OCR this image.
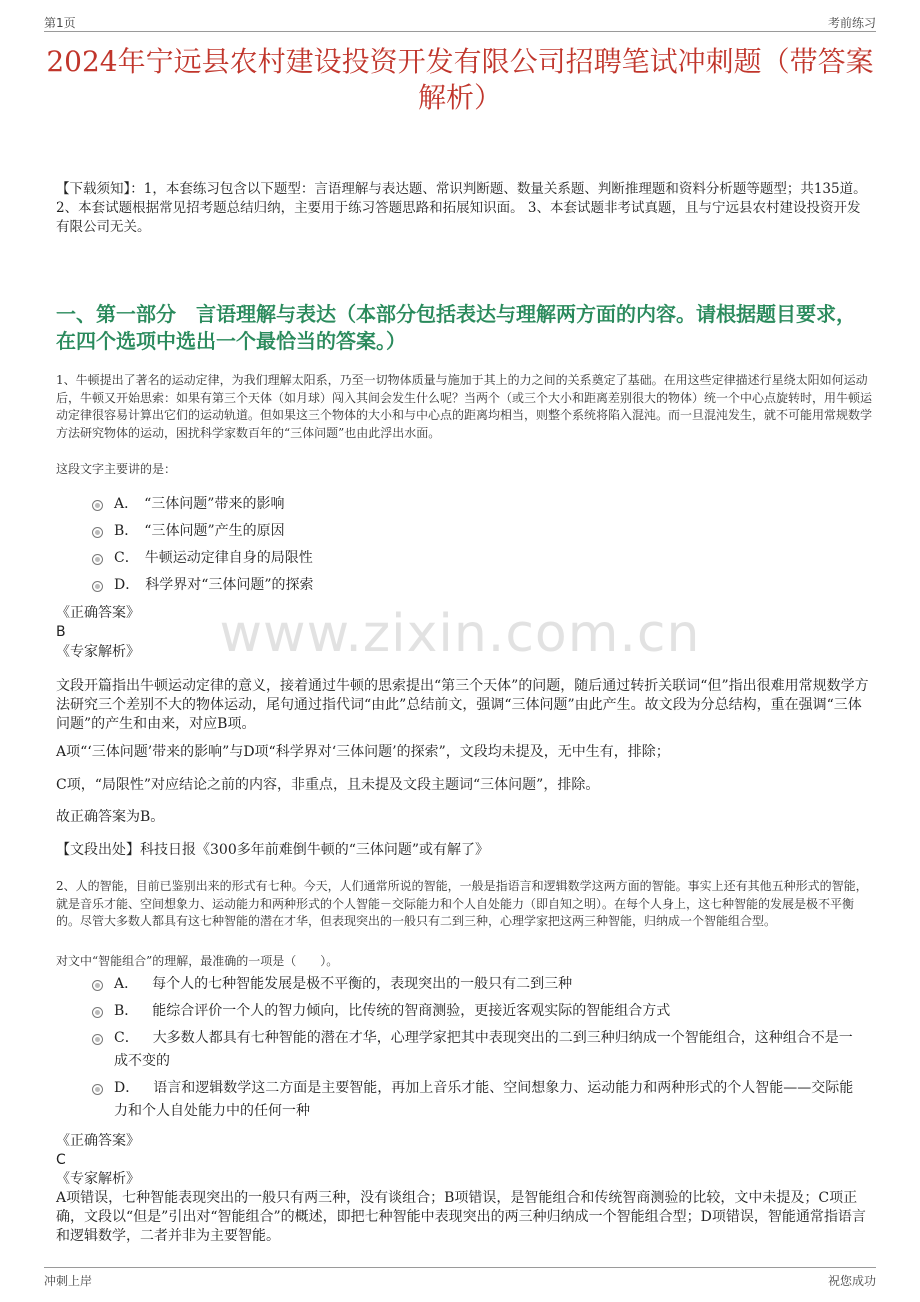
第1页	考前练习
2024年宁远县农村建设投资开发有限公司招聘笔试冲刺题（带答案解析）

【下载须知】：1，本套练习包含以下题型：言语理解与表达题、常识判断题、数量关系题、判断推理题和资料分析题等题型；共135道。 2、本套试题根据常见招考题总结归纳，主要用于练习答题思路和拓展知识面。 3、本套试题非考试真题，且与宁远县农村建设投资开发有限公司无关。

一、第一部分　言语理解与表达（本部分包括表达与理解两方面的内容。请根据题目要求，在四个选项中选出一个最恰当的答案。）
www.zixin.com.cn

1、牛顿提出了著名的运动定律，为我们理解太阳系，乃至一切物体质量与施加于其上的力之间的关系奠定了基础。在用这些定律描述行星绕太阳如何运动后，牛顿又开始思索：如果有第三个天体（如月球）闯入其间会发生什么呢？当两个（或三个大小和距离差别很大的物体）统一个中心点旋转时，用牛顿运动定律很容易计算出它们的运动轨道。但如果这三个物体的大小和与中心点的距离均相当，则整个系统将陷入混沌。而一旦混沌发生，就不可能用常规数学方法研究物体的运动，困扰科学家数百年的“三体问题”也由此浮出水面。

这段文字主要讲的是：

A． “三体问题”带来的影响
B． “三体问题”产生的原因
C． 牛顿运动定律自身的局限性
D． 科学界对“三体问题”的探索

《正确答案》

B

《专家解析》

文段开篇指出牛顿运动定律的意义，接着通过牛顿的思索提出“第三个天体”的问题，随后通过转折关联词“但”指出很难用常规数学方法研究三个差别不大的物体运动，尾句通过指代词“由此”总结前文，强调“三体问题”由此产生。故文段为分总结构，重在强调“三体问题”的产生和由来，对应B项。

A项“‘三体问题’带来的影响”与D项“科学界对‘三体问题’的探索”，文段均未提及，无中生有，排除；

C项，“局限性”对应结论之前的内容，非重点，且未提及文段主题词“三体问题”，排除。

故正确答案为B。

【文段出处】科技日报《300多年前难倒牛顿的“三体问题”或有解了》

2、人的智能，目前已鉴别出来的形式有七种。今天，人们通常所说的智能，一般是指语言和逻辑数学这两方面的智能。事实上还有其他五种形式的智能，就是音乐才能、空间想象力、运动能力和两种形式的个人智能－交际能力和个人自处能力（即自知之明）。在每个人身上，这七种智能的发展是极不平衡的。尽管大多数人都具有这七种智能的潜在才华，但表现突出的一般只有二到三种，心理学家把这两三种智能，归纳成一个智能组合型。

对文中“智能组合”的理解，最准确的一项是（　　）。

A． 每个人的七种智能发展是极不平衡的，表现突出的一般只有二到三种
B． 能综合评价一个人的智力倾向，比传统的智商测验，更接近客观实际的智能组合方式
C． 大多数人都具有七种智能的潜在才华，心理学家把其中表现突出的二到三种归纳成一个智能组合，这种组合不是一成不变的
D． 语言和逻辑数学这二方面是主要智能，再加上音乐才能、空间想象力、运动能力和两种形式的个人智能——交际能力和个人自处能力中的任何一种

《正确答案》

C

《专家解析》

A项错误，七种智能表现突出的一般只有两三种，没有谈组合；B项错误，是智能组合和传统智商测验的比较，文中未提及；C项正确，文段以“但是”引出对“智能组合”的概述，即把七种智能中表现突出的两三种归纳成一个智能组合型；D项错误，智能通常指语言和逻辑数学，二者并非为主要智能。

冲刺上岸	祝您成功
